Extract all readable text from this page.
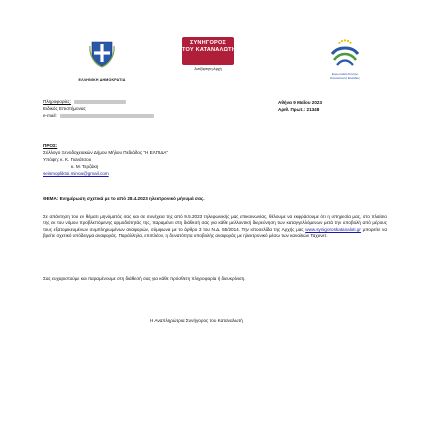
ΕΛΛΗΝΙΚΗ ΔΗΜΟΚΡΑΤΙΑ
ΣΥΝΗΓΟΡΟΣ
ΤΟΥ ΚΑΤΑΝΑΛΩΤΗ
Ανεξάρτητη Αρχή
Ευρωπαϊκό Κέντρο
Καταναλωτή Ελλάδας
Πληροφορίες:
Ειδικός Επιστήμονας
e-mail:
Αθήνα 9 Μαΐου 2023
Αριθ. Πρωτ.: 21348
ΠΡΟΣ:
Σύλλογο Ξενοδοχειακών Δήμου Μήλου Πεδιάδος “Η ΕΛΠΙΔΑ”
Υπόψη: κ. Κ. Γιανάτσου
κ. Μ. Τερζάκη
seismopliktoi.minoa@gmail.com
ΘΕΜΑ: Ενημέρωση σχετικά με το από 28.4.2023 ηλεκτρονικό μήνυμά σας.
Σε απάντηση του εν θέματι μηνύματός σας και σε συνέχεια της από 9.5.2023 τηλεφωνικής μας επικοινωνίας, θέλουμε να εκφράσουμε ότι η υπηρεσία μας, στο πλαίσιο της εκ του νόμου προβλεπόμενης αρμοδιότητάς της, παραμένει στη διάθεσή σας για κάθε μελλοντική διερεύνηση των καταγγελλόμενων μετά την υποβολή από μέρους τους εξατομικευμένων συμπληρωμένων αναφορών, σύμφωνα με το άρθρο 3 του Ν.Δ. 55/2014. Την ιστοσελίδα της Αρχής μας www.synigoroskatanaloti.gr μπορείτε να βρείτε σχετικό υπόδειγμα αναφοράς. Παράλληλα, επιπλέον, η δυνατότητα υποβολής αναφοράς με ηλεκτρονικό μέσω των καναλιών Ταχυνετ.
Σας ευχαριστούμε και παραμένουμε στη διάθεσή σας για κάθε πρόσθετη πληροφορία ή διευκρίνιση.
Η Αναπληρώτρια Συνήγορος του Καταναλωτή
